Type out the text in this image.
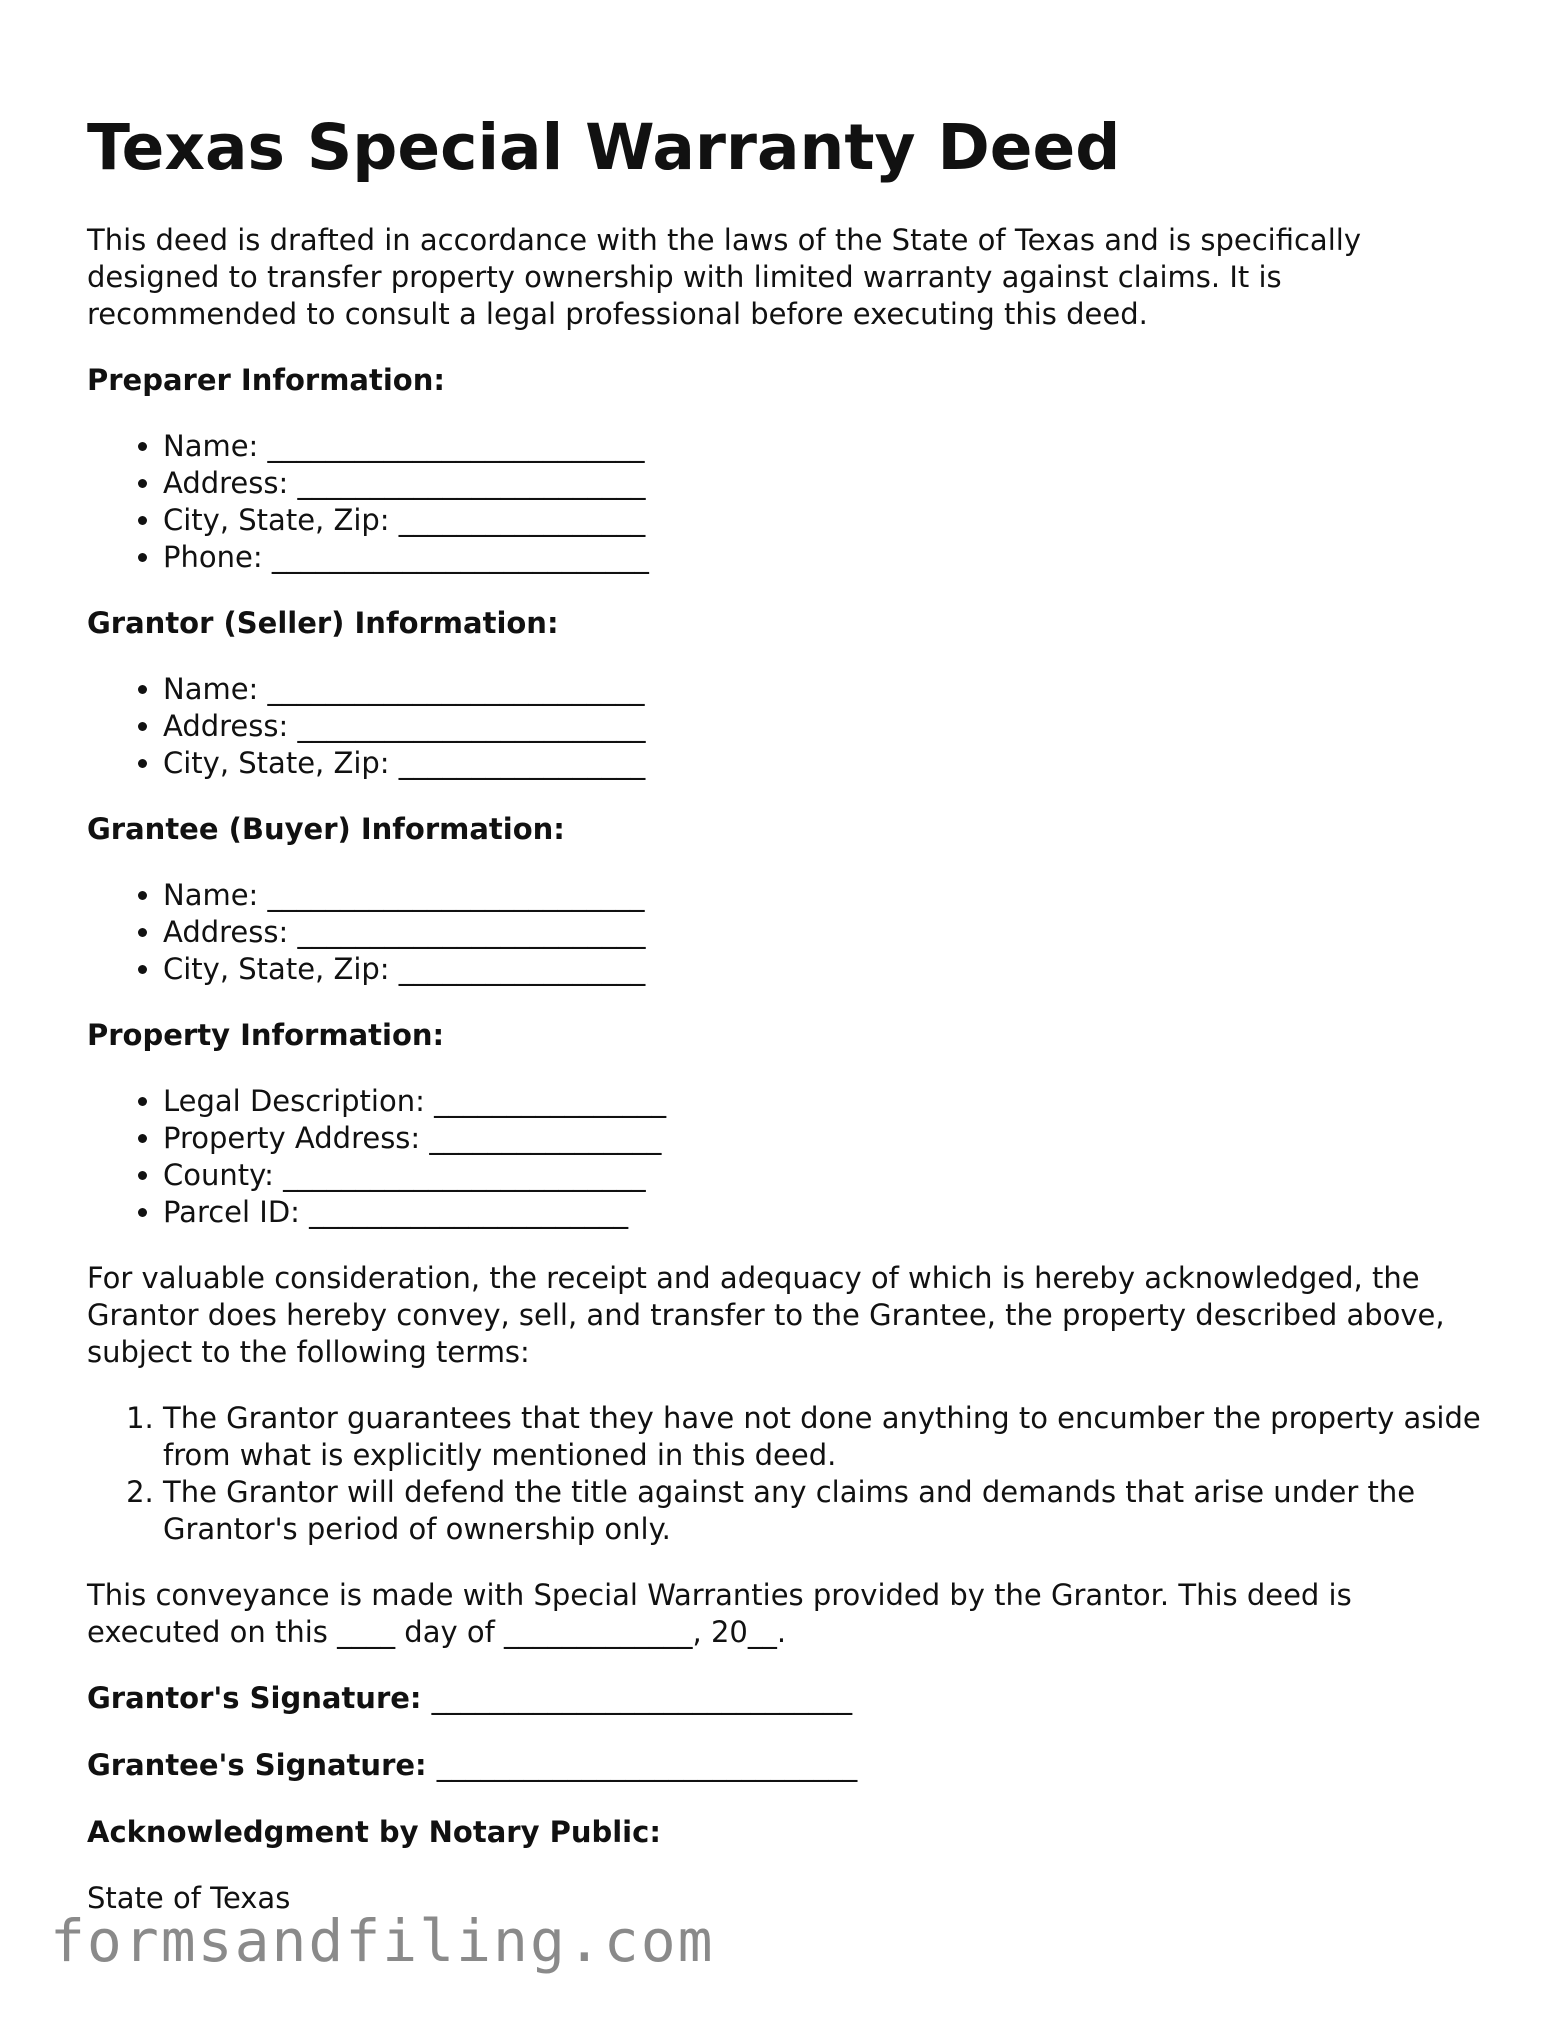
Texas Special Warranty Deed

This deed is drafted in accordance with the laws of the State of Texas and is specifically designed to transfer property ownership with limited warranty against claims. It is recommended to consult a legal professional before executing this deed.

Preparer Information:

• Name: __________________________
• Address: ________________________
• City, State, Zip: _________________
• Phone: __________________________

Grantor (Seller) Information:

• Name: __________________________
• Address: ________________________
• City, State, Zip: _________________

Grantee (Buyer) Information:

• Name: __________________________
• Address: ________________________
• City, State, Zip: _________________

Property Information:

• Legal Description: ________________
• Property Address: ________________
• County: _________________________
• Parcel ID: ______________________

For valuable consideration, the receipt and adequacy of which is hereby acknowledged, the Grantor does hereby convey, sell, and transfer to the Grantee, the property described above, subject to the following terms:

1. The Grantor guarantees that they have not done anything to encumber the property aside from what is explicitly mentioned in this deed.
2. The Grantor will defend the title against any claims and demands that arise under the Grantor's period of ownership only.

This conveyance is made with Special Warranties provided by the Grantor. This deed is executed on this ____ day of _____________, 20__.

Grantor's Signature: _____________________________

Grantee's Signature: _____________________________

Acknowledgment by Notary Public:

State of Texas

formsandfiling.com
